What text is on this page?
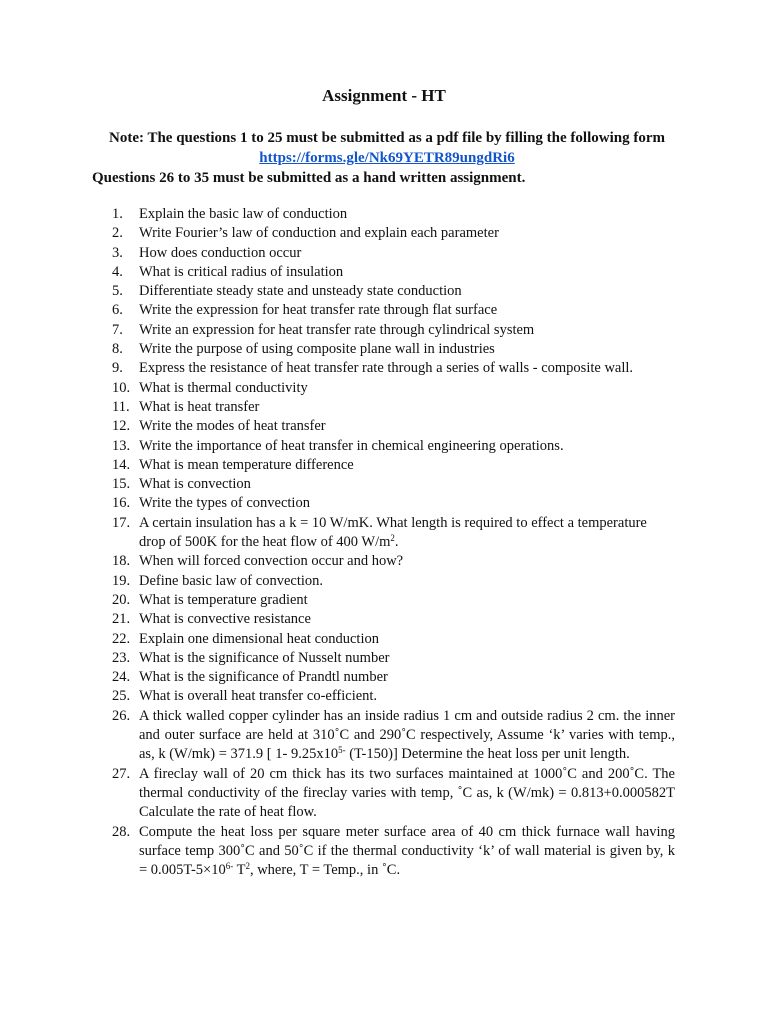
Assignment - HT
Note: The questions 1 to 25 must be submitted as a pdf file by filling the following form
https://forms.gle/Nk69YETR89ungdRi6
Questions 26 to 35 must be submitted as a hand written assignment.
1.	Explain the basic law of conduction
2.	Write Fourier’s law of conduction and explain each parameter
3.	How does conduction occur
4.	What is critical radius of insulation
5.	Differentiate steady state and unsteady state conduction
6.	Write the expression for heat transfer rate through flat surface
7.	Write an expression for heat transfer rate through cylindrical system
8.	Write the purpose of using composite plane wall in industries
9.	Express the resistance of heat transfer rate through a series of walls - composite wall.
10. What is thermal conductivity
11. What is heat transfer
12. Write the modes of heat transfer
13. Write the importance of heat transfer in chemical engineering operations.
14. What is mean temperature difference
15. What is convection
16. Write the types of convection
17. A certain insulation has a k = 10 W/mK. What length is required to effect a temperature drop of 500K for the heat flow of 400 $W/m^2$.
18. When will forced convection occur and how?
19. Define basic law of convection.
20. What is temperature gradient
21. What is convective resistance
22. Explain one dimensional heat conduction
23. What is the significance of Nusselt number
24. What is the significance of Prandtl number
25. What is overall heat transfer co-efficient.
26. A thick walled copper cylinder has an inside radius 1 cm and outside radius 2 cm. the inner and outer surface are held at 310˚C and 290˚C respectively, Assume ‘k’ varies with temp., as, k (W/mk) = 371.9 [ 1- $9.25x10^{5-}$ (T-150)] Determine the heat loss per unit length.
27. A fireclay wall of 20 cm thick has its two surfaces maintained at 1000˚C and 200˚C. The thermal conductivity of the fireclay varies with temp, ˚C as, k (W/mk) = 0.813+0.000582T Calculate the rate of heat flow.
28. Compute the heat loss per square meter surface area of 40 cm thick furnace wall having surface temp 300˚C and 50˚C if the thermal conductivity ‘k’ of wall material is given by, $k = 0.005T-5\times 10^{6-}$ $T^2$, where, T = Temp., in ˚C.
